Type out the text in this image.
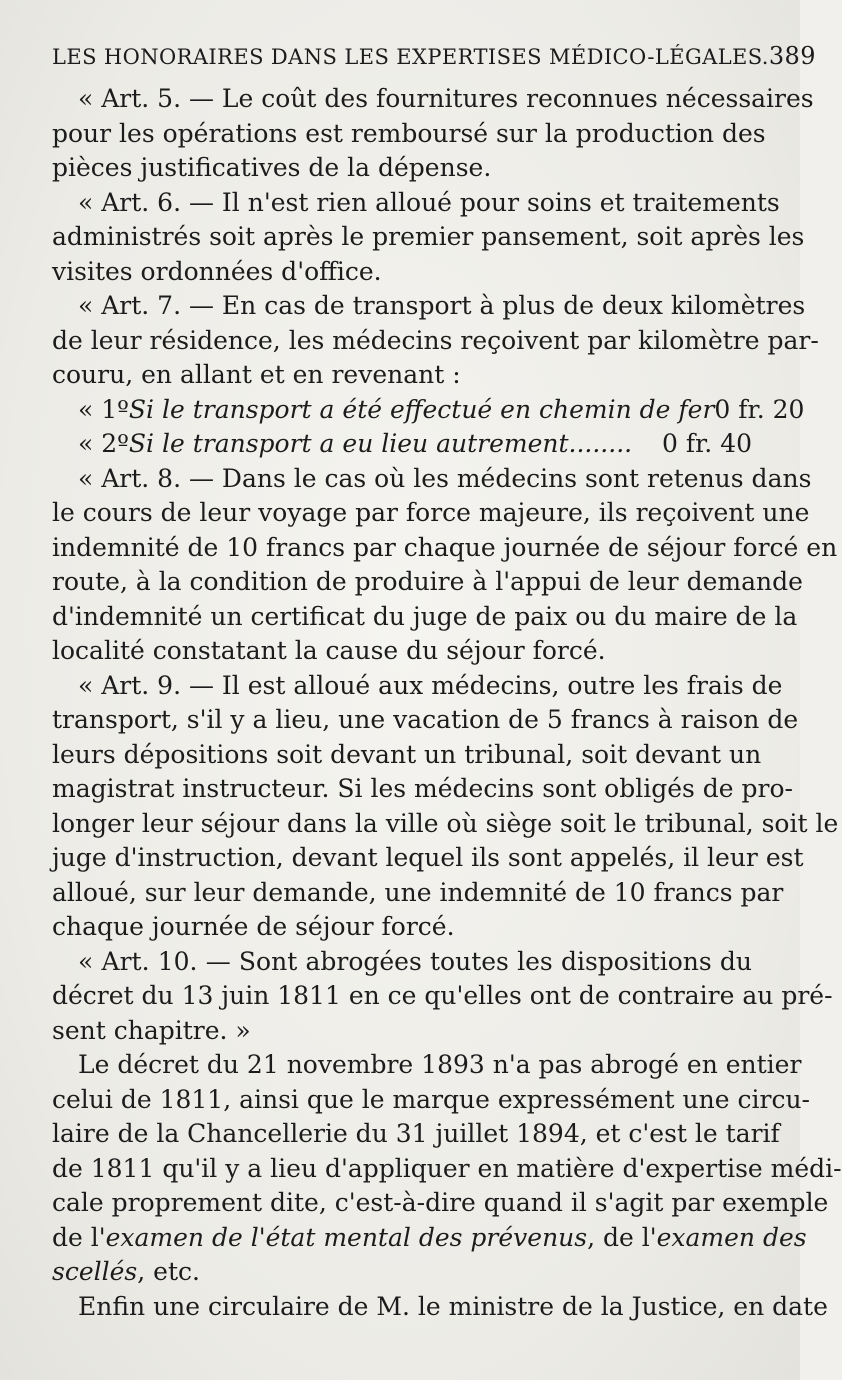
LES HONORAIRES DANS LES EXPERTISES MÉDICO-LÉGALES. 389

« Art. 5. — Le coût des fournitures reconnues nécessaires

pour les opérations est remboursé sur la production des

pièces justificatives de la dépense.

« Art. 6. — Il n'est rien alloué pour soins et traitements

administrés soit après le premier pansement, soit après les

visites ordonnées d'office.

« Art. 7. — En cas de transport à plus de deux kilomètres

de leur résidence, les médecins reçoivent par kilomètre par-

couru, en allant et en revenant :

« 1ºSi le transport a été effectué en chemin de fer 0 fr. 20
« 2ºSi le transport a eu lieu autrement........ 0 fr. 40

« Art. 8. — Dans le cas où les médecins sont retenus dans

le cours de leur voyage par force majeure, ils reçoivent une

indemnité de 10 francs par chaque journée de séjour forcé en

route, à la condition de produire à l'appui de leur demande

d'indemnité un certificat du juge de paix ou du maire de la

localité constatant la cause du séjour forcé.

« Art. 9. — Il est alloué aux médecins, outre les frais de

transport, s'il y a lieu, une vacation de 5 francs à raison de

leurs dépositions soit devant un tribunal, soit devant un

magistrat instructeur. Si les médecins sont obligés de pro-

longer leur séjour dans la ville où siège soit le tribunal, soit le

juge d'instruction, devant lequel ils sont appelés, il leur est

alloué, sur leur demande, une indemnité de 10 francs par

chaque journée de séjour forcé.

« Art. 10. — Sont abrogées toutes les dispositions du

décret du 13 juin 1811 en ce qu'elles ont de contraire au pré-

sent chapitre. »

Le décret du 21 novembre 1893 n'a pas abrogé en entier

celui de 1811, ainsi que le marque expressément une circu-

laire de la Chancellerie du 31 juillet 1894, et c'est le tarif

de 1811 qu'il y a lieu d'appliquer en matière d'expertise médi-

cale proprement dite, c'est-à-dire quand il s'agit par exemple

de l'examen de l'état mental des prévenus, de l'examen des

scellés, etc.

Enfin une circulaire de M. le ministre de la Justice, en date
